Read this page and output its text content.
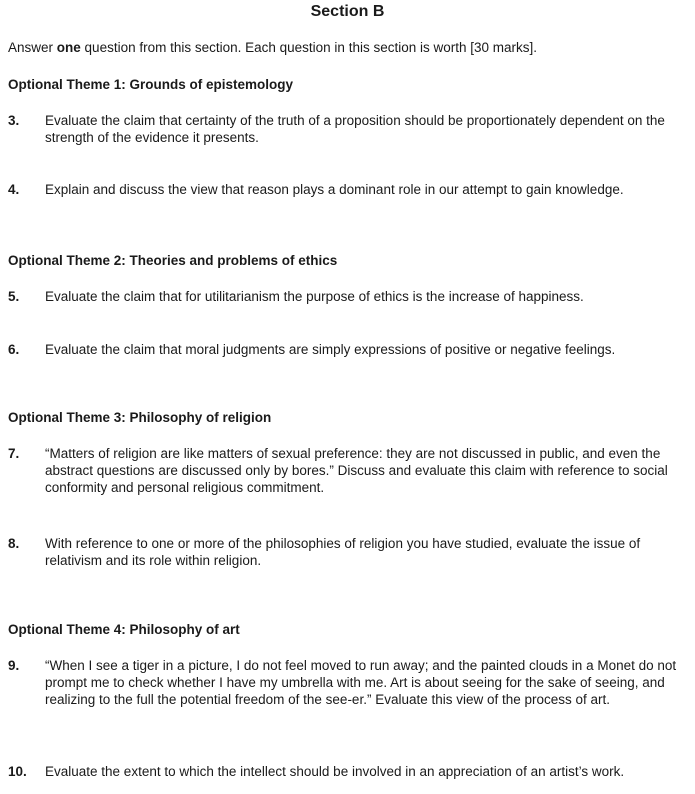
Section B
Answer one question from this section. Each question in this section is worth [30 marks].
Optional Theme 1: Grounds of epistemology
3. Evaluate the claim that certainty of the truth of a proposition should be proportionately dependent on the strength of the evidence it presents.
4. Explain and discuss the view that reason plays a dominant role in our attempt to gain knowledge.
Optional Theme 2: Theories and problems of ethics
5. Evaluate the claim that for utilitarianism the purpose of ethics is the increase of happiness.
6. Evaluate the claim that moral judgments are simply expressions of positive or negative feelings.
Optional Theme 3: Philosophy of religion
7. “Matters of religion are like matters of sexual preference: they are not discussed in public, and even the abstract questions are discussed only by bores.” Discuss and evaluate this claim with reference to social conformity and personal religious commitment.
8. With reference to one or more of the philosophies of religion you have studied, evaluate the issue of relativism and its role within religion.
Optional Theme 4: Philosophy of art
9. “When I see a tiger in a picture, I do not feel moved to run away; and the painted clouds in a Monet do not prompt me to check whether I have my umbrella with me. Art is about seeing for the sake of seeing, and realizing to the full the potential freedom of the see-er.” Evaluate this view of the process of art.
10. Evaluate the extent to which the intellect should be involved in an appreciation of an artist’s work.
